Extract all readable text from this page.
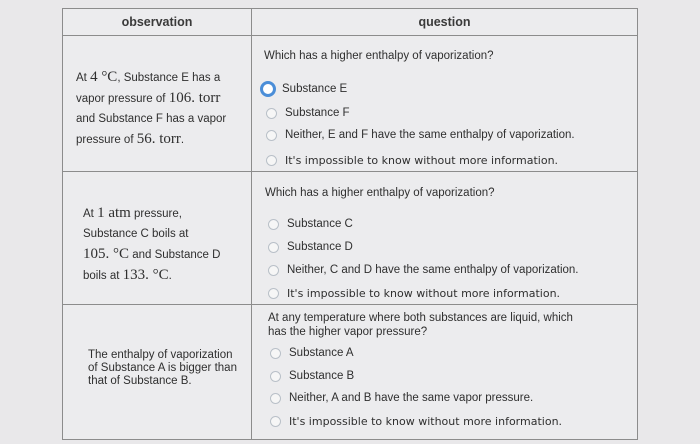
observation	question
At 4 °C, Substance E has a
vapor pressure of 106. torr
and Substance F has a vapor
pressure of 56. torr.
Which has a higher enthalpy of vaporization?
Substance E
Substance F
Neither, E and F have the same enthalpy of vaporization.
It's impossible to know without more information.
At 1 atm pressure,
Substance C boils at
105. °C and Substance D
boils at 133. °C.
Which has a higher enthalpy of vaporization?
Substance C
Substance D
Neither, C and D have the same enthalpy of vaporization.
It's impossible to know without more information.
The enthalpy of vaporization
of Substance A is bigger than
that of Substance B.
At any temperature where both substances are liquid, which
has the higher vapor pressure?
Substance A
Substance B
Neither, A and B have the same vapor pressure.
It's impossible to know without more information.
